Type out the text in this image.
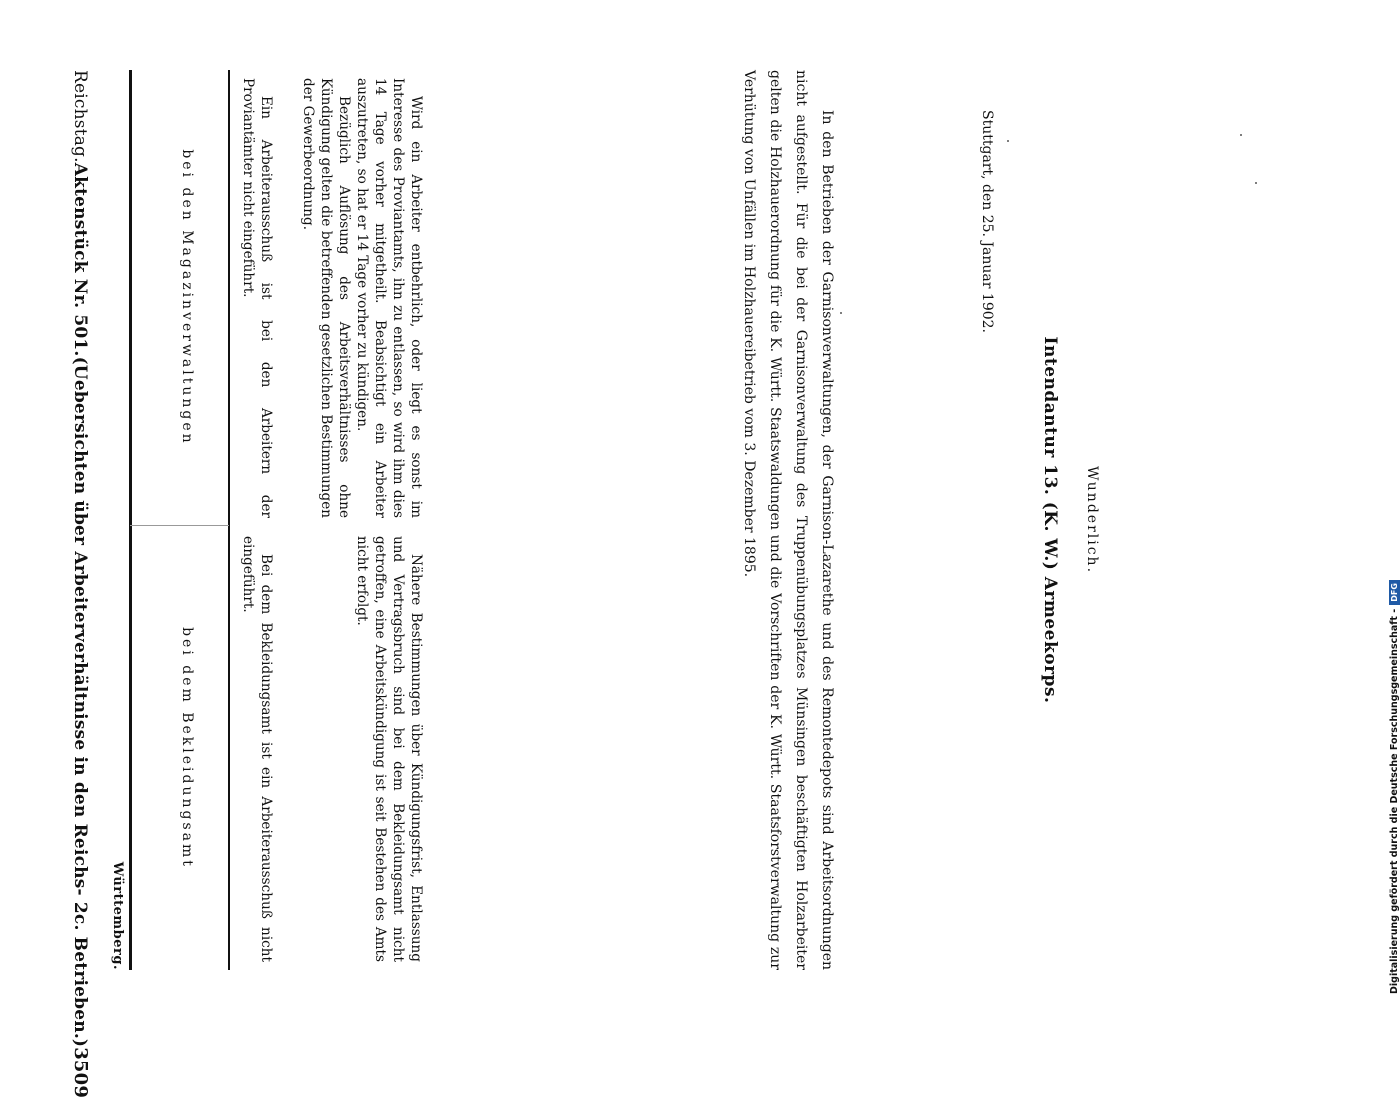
Reichstag.
Aktenstück Nr. 501.
(Uebersichten über Arbeiterverhältnisse in den Reichs- 2c. Betrieben.)
3509
Württemberg.
bei den Magazinverwaltungen
bei dem Bekleidungsamt

Ein Arbeiterausschuß ist bei den Arbeitern der Proviantämter nicht eingeführt.

Bei dem Bekleidungsamt ist ein Arbeiterausschuß nicht eingeführt.

Wird ein Arbeiter entbehrlich, oder liegt es sonst im Interesse des Proviantamts, ihn zu entlassen, so wird ihm dies 14 Tage vorher mitgetheilt. Beabsichtigt ein Arbeiter auszutreten, so hat er 14 Tage vorher zu kündigen.

Bezüglich Auflösung des Arbeitsverhältnisses ohne Kündigung gelten die betreffenden gesetzlichen Bestimmungen der Gewerbeordnung.

Nähere Bestimmungen über Kündigungsfrist, Entlassung und Vertragsbruch sind bei dem Bekleidungsamt nicht getroffen, eine Arbeitskündigung ist seit Bestehen des Amts nicht erfolgt.	In den Betrieben der Garnisonverwaltungen, der Garnison-Lazarethe und des Remontedepots sind Arbeitsordnungen nicht aufgestellt. Für die bei der Garnisonverwaltung des Truppenübungsplatzes Münsingen beschäftigten Holzarbeiter gelten die Holzhauerordnung für die K. Württ. Staatswaldungen und die Vorschriften der K. Württ. Staatsforstverwaltung zur Verhütung von Unfällen im Holzhauereibetrieb vom 3. Dezember 1895.	Stuttgart, den 25. Januar 1902.
Intendantur 13. (K. W.) Armeekorps. Wunderlich.
Digitalisierung gefördert durch die Deutsche Forschungsgemeinschaft -
DFG
